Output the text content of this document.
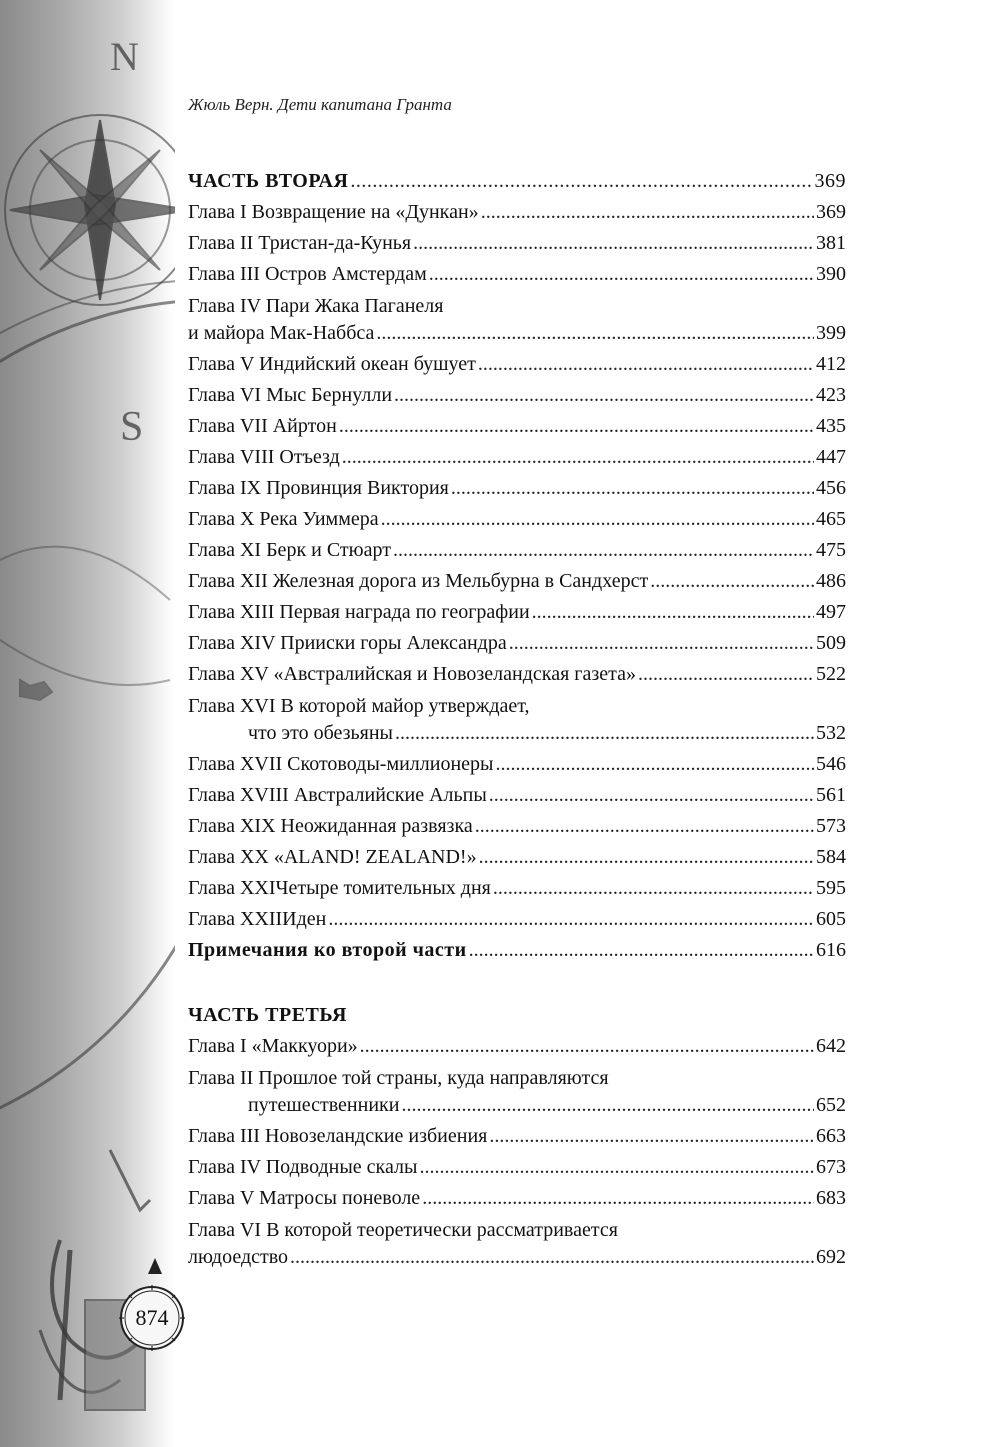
N
S
Жюль Верн. Дети капитана Гранта
ЧАСТЬ ВТОРАЯ .....	369
Глава I Возвращение на «Дункан» .....	369
Глава II Тристан-да-Кунья .....	381
Глава III Остров Амстердам .....	390
Глава IV Пари Жака Паганеля
и майора Мак-Наббса .....	399
Глава V Индийский океан бушует .....	412
Глава VI Мыс Бернулли .....	423
Глава VII Айртон .....	435
Глава VIII Отъезд .....	447
Глава IX Провинция Виктория .....	456
Глава X Река Уиммера .....	465
Глава XI Берк и Стюарт .....	475
Глава XII Железная дорога из Мельбурна в Сандхерст .....	486
Глава XIII Первая награда по географии .....	497
Глава XIV Прииски горы Александра .....	509
Глава XV «Австралийская и Новозеландская газета» .....	522
Глава XVI В которой майор утверждает,
что это обезьяны .....	532
Глава XVII Скотоводы-миллионеры .....	546
Глава XVIII Австралийские Альпы .....	561
Глава XIX Неожиданная развязка .....	573
Глава XX «ALAND! ZEALAND!» .....	584
Глава XXIЧетыре томительных дня .....	595
Глава XXIIИден .....	605
Примечания ко второй части .....	616
ЧАСТЬ ТРЕТЬЯ
Глава I «Маккуори» .....	642
Глава II Прошлое той страны, куда направляются
путешественники .....	652
Глава III Новозеландские избиения .....	663
Глава IV Подводные скалы .....	673
Глава V Матросы поневоле .....	683
Глава VI В которой теоретически рассматривается
людоедство .....	692
874
